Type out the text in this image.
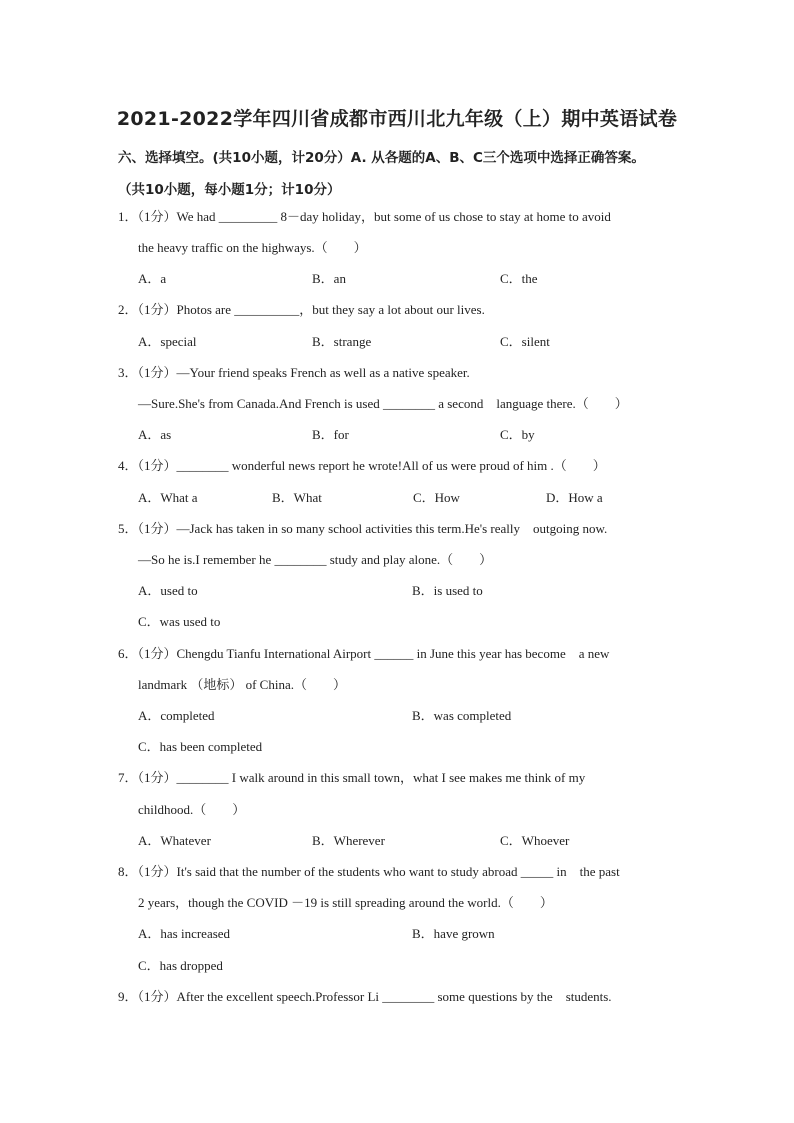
2021-2022学年四川省成都市西川北九年级（上）期中英语试卷
六、选择填空。(共10小题，计20分）A. 从各题的A、B、C三个选项中选择正确答案。
（共10小题，每小题1分；计10分）
1．（1分）We had _________ 8－day holiday，but some of us chose to stay at home to avoid
the heavy traffic on the highways.（　　）
A．a	B．an	C．the
2．（1分）Photos are __________，but they say a lot about our lives.
A．special	B．strange	C．silent
3．（1分）—Your friend speaks French as well as a native speaker.
—Sure.She's from Canada.And French is used ________ a second　language there.（　　）
A．as	B．for	C．by
4．（1分）________ wonderful news report he wrote!All of us were proud of him .（　　）
A．What a	B．What	C．How	D．How a
5．（1分）—Jack has taken in so many school activities this term.He's really　outgoing now.
—So he is.I remember he ________ study and play alone.（　　）
A．used to	B．is used to
C．was used to
6．（1分）Chengdu Tianfu International Airport ______ in June this year has become　a new
landmark （地标） of China.（　　）
A．completed	B．was completed
C．has been completed
7．（1分）________ I walk around in this small town，what I see makes me think of my
childhood.（　　）
A．Whatever	B．Wherever	C．Whoever
8．（1分）It's said that the number of the students who want to study abroad _____ in　the past
2 years，though the COVID －19 is still spreading around the world.（　　）
A．has increased	B．have grown
C．has dropped
9．（1分）After the excellent speech.Professor Li ________ some questions by the　students.
